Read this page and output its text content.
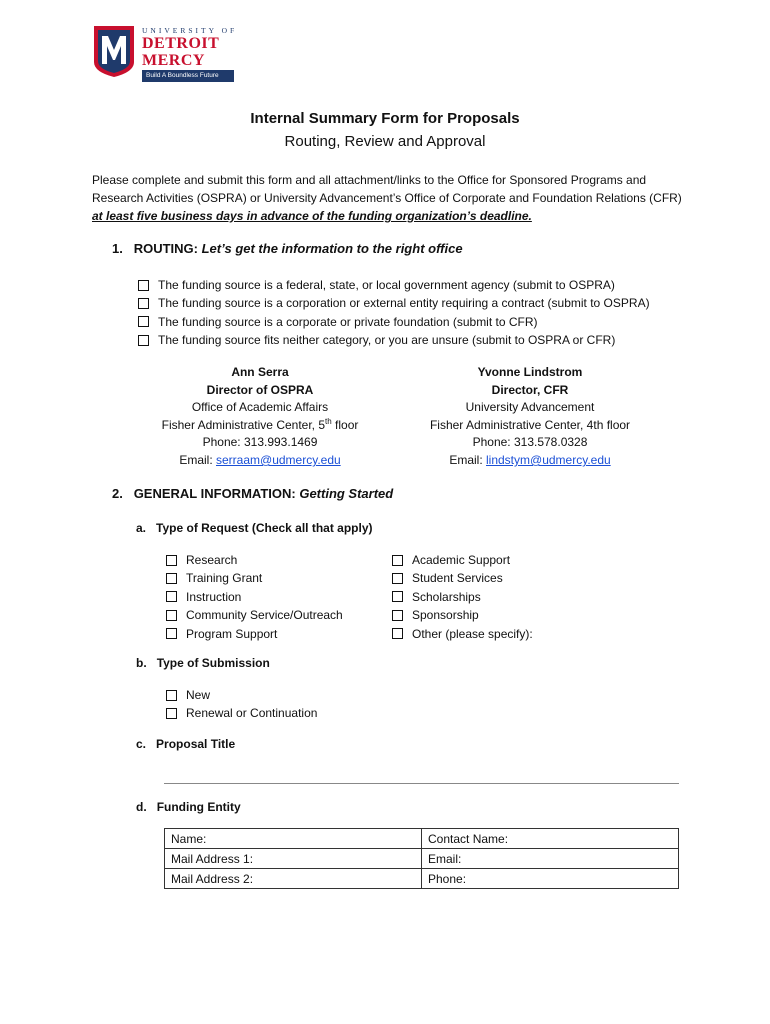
UNIVERSITY OF
DETROIT
MERCY
Build A Boundless Future
Internal Summary Form for Proposals
Routing, Review and Approval
Please complete and submit this form and all attachment/links to the Office for Sponsored Programs and Research Activities (OSPRA) or University Advancement’s Office of Corporate and Foundation Relations (CFR) at least five business days in advance of the funding organization’s deadline.
1. ROUTING: Let’s get the information to the right office
The funding source is a federal, state, or local government agency (submit to OSPRA)
The funding source is a corporation or external entity requiring a contract (submit to OSPRA)
The funding source is a corporate or private foundation (submit to CFR)
The funding source fits neither category, or you are unsure (submit to OSPRA or CFR)
Ann Serra
Director of OSPRA
Office of Academic Affairs
Fisher Administrative Center, 5th floor
Phone: 313.993.1469
Email: serraam@udmercy.edu
Yvonne Lindstrom
Director, CFR
University Advancement
Fisher Administrative Center, 4th floor
Phone: 313.578.0328
Email: lindstym@udmercy.edu
2. GENERAL INFORMATION: Getting Started
a. Type of Request (Check all that apply)
Research
Training Grant
Instruction
Community Service/Outreach
Program Support
Academic Support
Student Services
Scholarships
Sponsorship
Other (please specify):
b. Type of Submission
New
Renewal or Continuation
c. Proposal Title
d. Funding Entity
Name:	Contact Name:
Mail Address 1:	Email:
Mail Address 2:	Phone:
